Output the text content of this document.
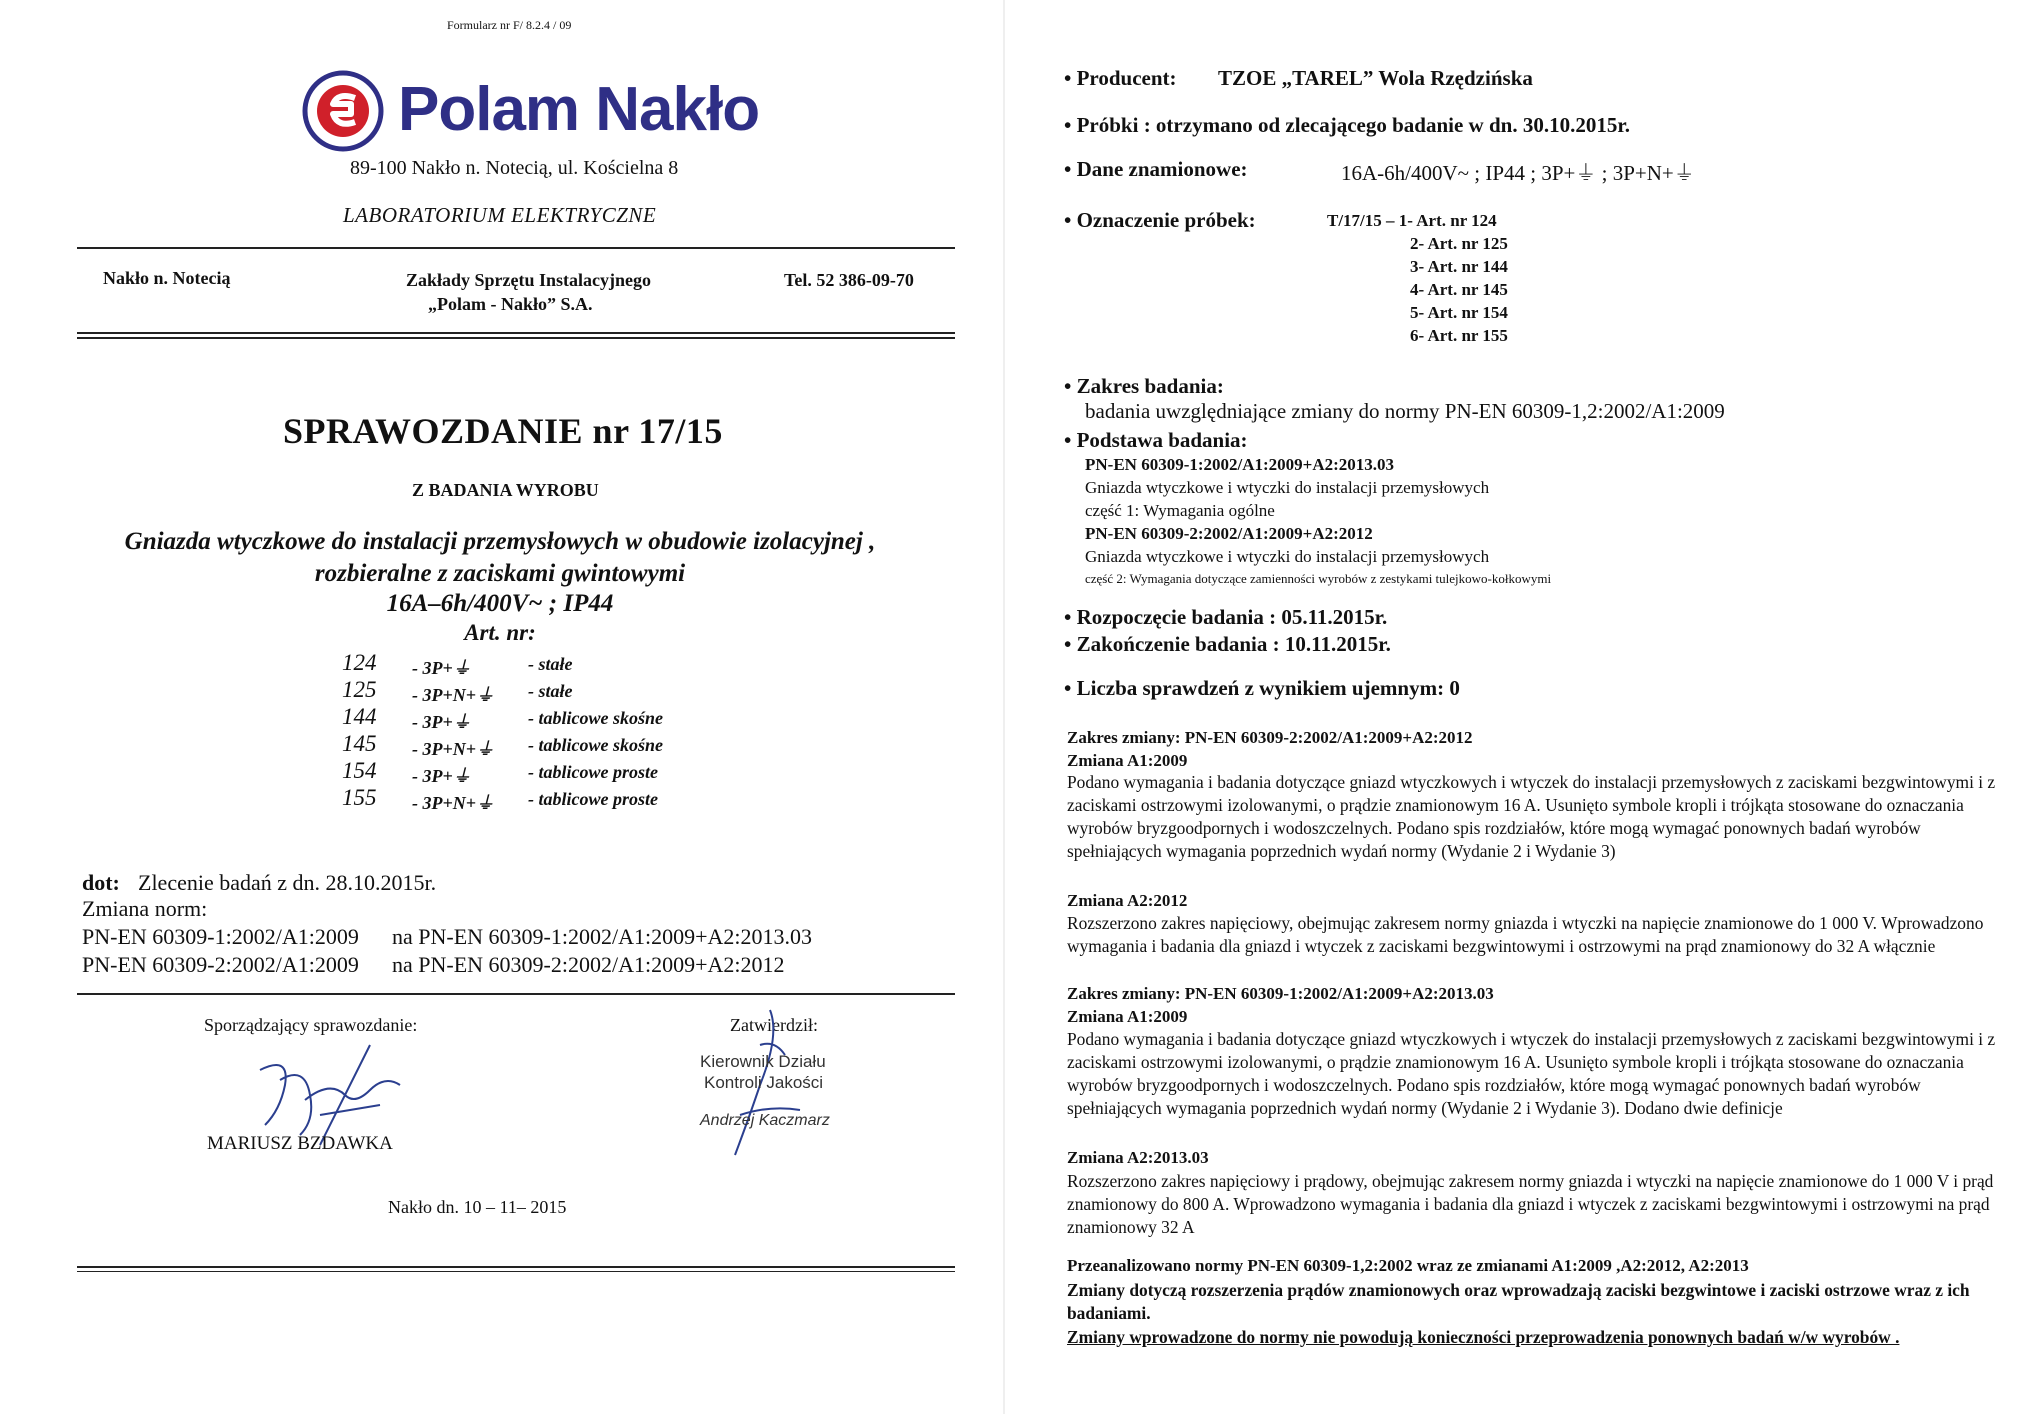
Formularz nr F/ 8.2.4 / 09
Polam Nakło
89-100 Nakło n. Notecią, ul. Kościelna 8
LABORATORIUM ELEKTRYCZNE
Nakło n. Notecią	Zakłady Sprzętu Instalacyjnego
„Polam - Nakło” S.A.
Tel. 52 386-09-70
SPRAWOZDANIE nr 17/15
Z BADANIA WYROBU
Gniazda wtyczkowe do instalacji przemysłowych w obudowie izolacyjnej ,
rozbieralne z zaciskami gwintowymi
16A–6h/400V~ ; IP44
Art. nr:
124 - 3P+⏚	- stałe
125 - 3P+N+⏚ - stałe
144 - 3P+⏚	- tablicowe skośne
145 - 3P+N+⏚ - tablicowe skośne
154 - 3P+⏚	- tablicowe proste
155 - 3P+N+⏚ - tablicowe proste
dot: Zlecenie badań z dn. 28.10.2015r.
Zmiana norm:
PN-EN 60309-1:2002/A1:2009 na PN-EN 60309-1:2002/A1:2009+A2:2013.03
PN-EN 60309-2:2002/A1:2009 na PN-EN 60309-2:2002/A1:2009+A2:2012
Sporządzający sprawozdanie:	Zatwierdził:
Kierownik Działu
Kontroli Jakości
Andrzej Kaczmarz
MARIUSZ BZDAWKA
Nakło dn. 10 – 11– 2015
• Producent: TZOE „TAREL” Wola Rzędzińska
• Próbki : otrzymano od zlecającego badanie w dn. 30.10.2015r.
• Dane znamionowe:	16A-6h/400V~ ; IP44 ; 3P+⏚ ; 3P+N+⏚
• Oznaczenie próbek:	T/17/15 – 1- Art. nr 124
2- Art. nr 125
3- Art. nr 144
4- Art. nr 145
5- Art. nr 154
6- Art. nr 155
• Zakres badania:
badania uwzględniające zmiany do normy PN-EN 60309-1,2:2002/A1:2009
• Podstawa badania:
PN-EN 60309-1:2002/A1:2009+A2:2013.03
Gniazda wtyczkowe i wtyczki do instalacji przemysłowych
część 1: Wymagania ogólne
PN-EN 60309-2:2002/A1:2009+A2:2012
Gniazda wtyczkowe i wtyczki do instalacji przemysłowych
część 2: Wymagania dotyczące zamienności wyrobów z zestykami tulejkowo-kołkowymi
• Rozpoczęcie badania : 05.11.2015r.
• Zakończenie badania : 10.11.2015r.
• Liczba sprawdzeń z wynikiem ujemnym: 0
Zakres zmiany: PN-EN 60309-2:2002/A1:2009+A2:2012
Zmiana A1:2009
Podano wymagania i badania dotyczące gniazd wtyczkowych i wtyczek do instalacji przemysłowych z zaciskami bezgwintowymi i z zaciskami ostrzowymi izolowanymi, o prądzie znamionowym 16 A. Usunięto symbole kropli i trójkąta stosowane do oznaczania wyrobów bryzgoodpornych i wodoszczelnych. Podano spis rozdziałów, które mogą wymagać ponownych badań wyrobów spełniających wymagania poprzednich wydań normy (Wydanie 2 i Wydanie 3)
Zmiana A2:2012
Rozszerzono zakres napięciowy, obejmując zakresem normy gniazda i wtyczki na napięcie znamionowe do 1 000 V. Wprowadzono wymagania i badania dla gniazd i wtyczek z zaciskami bezgwintowymi i ostrzowymi na prąd znamionowy do 32 A włącznie
Zakres zmiany: PN-EN 60309-1:2002/A1:2009+A2:2013.03
Zmiana A1:2009
Podano wymagania i badania dotyczące gniazd wtyczkowych i wtyczek do instalacji przemysłowych z zaciskami bezgwintowymi i z zaciskami ostrzowymi izolowanymi, o prądzie znamionowym 16 A. Usunięto symbole kropli i trójkąta stosowane do oznaczania wyrobów bryzgoodpornych i wodoszczelnych. Podano spis rozdziałów, które mogą wymagać ponownych badań wyrobów spełniających wymagania poprzednich wydań normy (Wydanie 2 i Wydanie 3). Dodano dwie definicje
Zmiana A2:2013.03
Rozszerzono zakres napięciowy i prądowy, obejmując zakresem normy gniazda i wtyczki na napięcie znamionowe do 1 000 V i prąd znamionowy do 800 A. Wprowadzono wymagania i badania dla gniazd i wtyczek z zaciskami bezgwintowymi i ostrzowymi na prąd znamionowy 32 A
Przeanalizowano normy PN-EN 60309-1,2:2002 wraz ze zmianami A1:2009 ,A2:2012, A2:2013
Zmiany dotyczą rozszerzenia prądów znamionowych oraz wprowadzają zaciski bezgwintowe i zaciski ostrzowe wraz z ich badaniami.
Zmiany wprowadzone do normy nie powodują konieczności przeprowadzenia ponownych badań w/w wyrobów .
